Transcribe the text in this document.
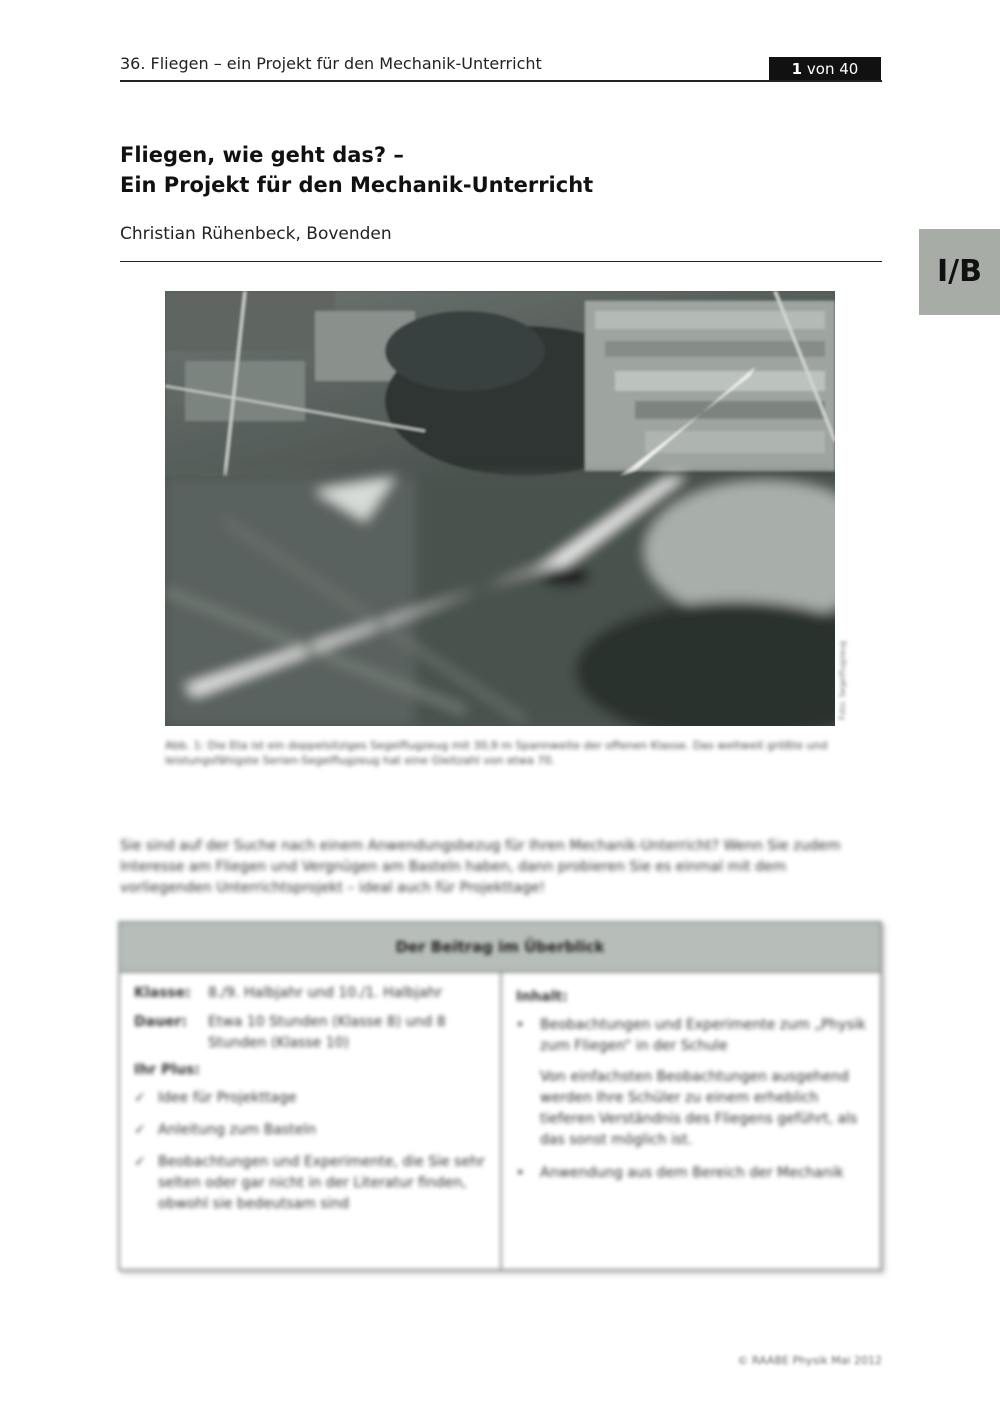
36. Fliegen – ein Projekt für den Mechanik-Unterricht	1 von 40
I/B
Fliegen, wie geht das? –
Ein Projekt für den Mechanik-Unterricht
Christian Rühenbeck, Bovenden
Foto: Segelflugzeug
Abb. 1: Die Eta ist ein doppelsitziges Segelflugzeug mit 30,9 m Spannweite der offenen Klasse. Das weltweit größte und leistungsfähigste Serien-Segelflugzeug hat eine Gleitzahl von etwa 70.
Sie sind auf der Suche nach einem Anwendungsbezug für Ihren Mechanik-Unterricht? Wenn Sie zudem Interesse am Fliegen und Vergnügen am Basteln haben, dann probieren Sie es einmal mit dem vorliegenden Unterrichtsprojekt – ideal auch für Projekttage!
Der Beitrag im Überblick
Klasse:	8./9. Halbjahr und 10./1. Halbjahr
Dauer:	Etwa 10 Stunden (Klasse 8) und 8 Stunden (Klasse 10)
Ihr Plus:
✓ Idee für Projekttage
✓ Anleitung zum Basteln
✓ Beobachtungen und Experimente, die Sie sehr selten oder gar nicht in der Literatur finden, obwohl sie bedeutsam sind
Inhalt:
•	Beobachtungen und Experimente zum „Physik zum Fliegen“ in der Schule
Von einfachsten Beobachtungen ausgehend werden Ihre Schüler zu einem erheblich tieferen Verständnis des Fliegens geführt, als das sonst möglich ist.
•	Anwendung aus dem Bereich der Mechanik
© RAABE Physik Mai 2012
